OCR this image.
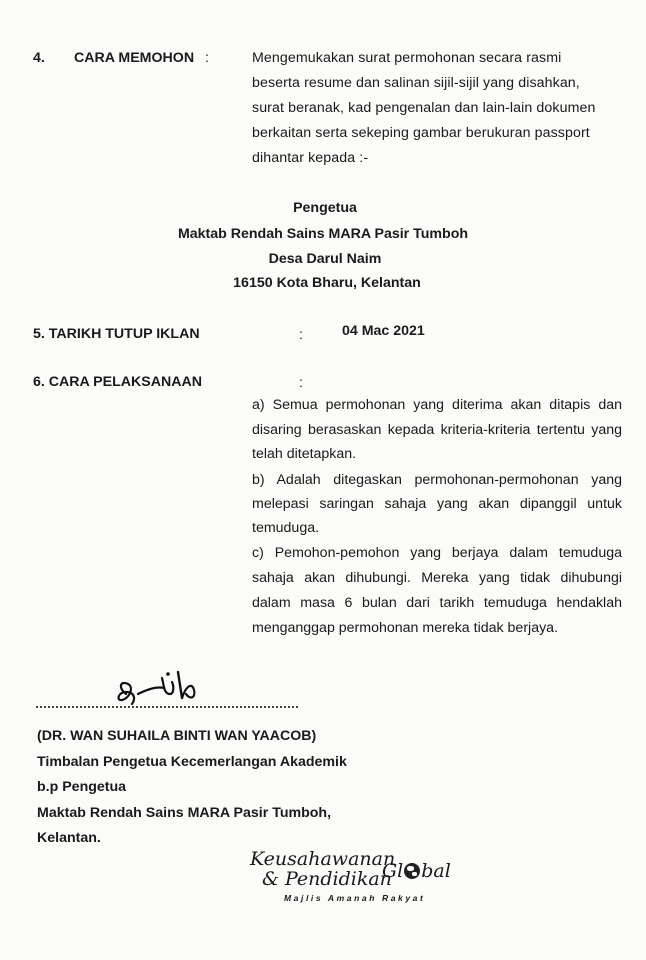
4. CARA MEMOHON :	Mengemukakan surat permohonan secara rasmi
beserta resume dan salinan sijil-sijil yang disahkan,
surat beranak, kad pengenalan dan lain-lain dokumen
berkaitan serta sekeping gambar berukuran passport
dihantar kepada :-
Pengetua
Maktab Rendah Sains MARA Pasir Tumboh
Desa Darul Naim
16150 Kota Bharu, Kelantan
5. TARIKH TUTUP IKLAN	:	04 Mac 2021
6. CARA PELAKSANAAN	:
a) Semua permohonan yang diterima akan ditapis dan
disaring berasaskan kepada kriteria-kriteria tertentu yang
telah ditetapkan.
b) Adalah ditegaskan permohonan-permohonan yang
melepasi saringan sahaja yang akan dipanggil untuk
temuduga.
c) Pemohon-pemohon yang berjaya dalam temuduga
sahaja akan dihubungi. Mereka yang tidak dihubungi
dalam masa 6 bulan dari tarikh temuduga hendaklah
menganggap permohonan mereka tidak berjaya.
(DR. WAN SUHAILA BINTI WAN YAACOB)
Timbalan Pengetua Kecemerlangan Akademik
b.p Pengetua
Maktab Rendah Sains MARA Pasir Tumboh,
Kelantan.
Keusahawanan
& Pendidikan
Gl bal
Majlis Amanah Rakyat
